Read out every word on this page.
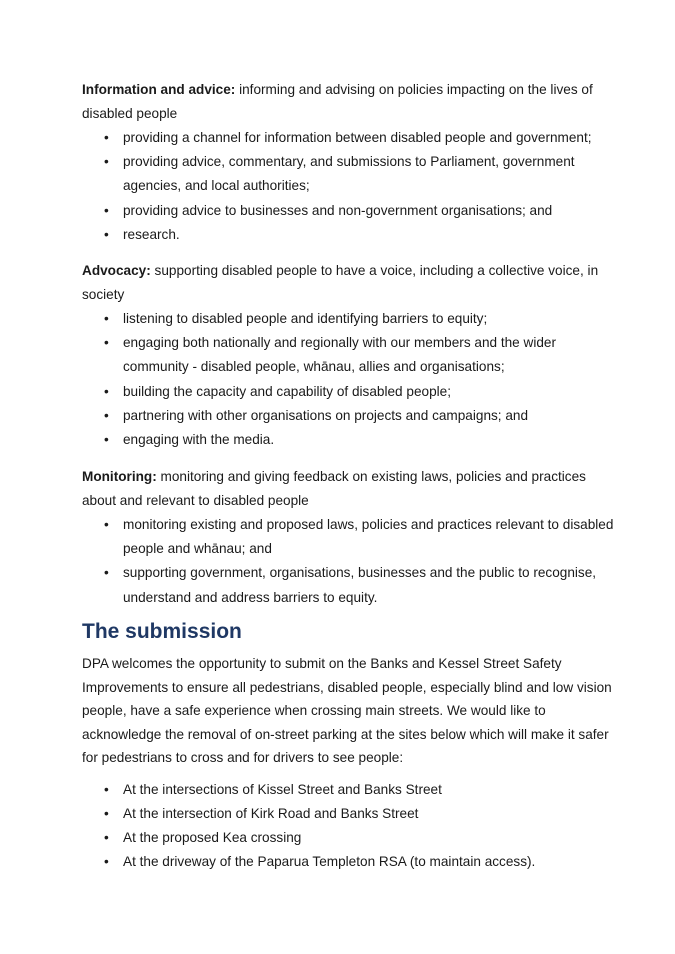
Information and advice: informing and advising on policies impacting on the lives of disabled people

• providing a channel for information between disabled people and government;
• providing advice, commentary, and submissions to Parliament, government agencies, and local authorities;
• providing advice to businesses and non-government organisations; and
• research.

Advocacy: supporting disabled people to have a voice, including a collective voice, in society

• listening to disabled people and identifying barriers to equity;
• engaging both nationally and regionally with our members and the wider community - disabled people, whānau, allies and organisations;
• building the capacity and capability of disabled people;
• partnering with other organisations on projects and campaigns; and
• engaging with the media.

Monitoring: monitoring and giving feedback on existing laws, policies and practices about and relevant to disabled people

• monitoring existing and proposed laws, policies and practices relevant to disabled people and whānau; and
• supporting government, organisations, businesses and the public to recognise, understand and address barriers to equity.
The submission

DPA welcomes the opportunity to submit on the Banks and Kessel Street Safety Improvements to ensure all pedestrians, disabled people, especially blind and low vision people, have a safe experience when crossing main streets. We would like to acknowledge the removal of on-street parking at the sites below which will make it safer for pedestrians to cross and for drivers to see people:

• At the intersections of Kissel Street and Banks Street
• At the intersection of Kirk Road and Banks Street
• At the proposed Kea crossing
• At the driveway of the Paparua Templeton RSA (to maintain access).
